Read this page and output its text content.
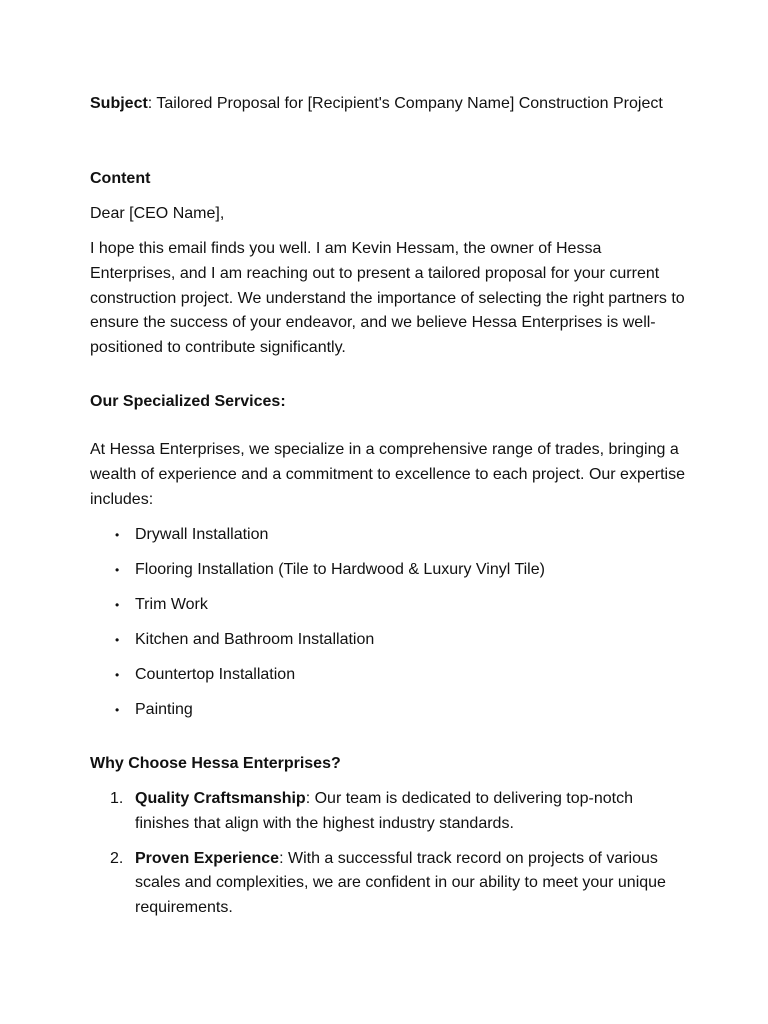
Subject: Tailored Proposal for [Recipient's Company Name] Construction Project

Content

Dear [CEO Name],

I hope this email finds you well. I am Kevin Hessam, the owner of Hessa Enterprises, and I am reaching out to present a tailored proposal for your current construction project. We understand the importance of selecting the right partners to ensure the success of your endeavor, and we believe Hessa Enterprises is well-positioned to contribute significantly.

Our Specialized Services:

At Hessa Enterprises, we specialize in a comprehensive range of trades, bringing a wealth of experience and a commitment to excellence to each project. Our expertise includes:

• Drywall Installation
• Flooring Installation (Tile to Hardwood & Luxury Vinyl Tile)
• Trim Work
• Kitchen and Bathroom Installation
• Countertop Installation
• Painting

Why Choose Hessa Enterprises?

1. Quality Craftsmanship: Our team is dedicated to delivering top-notch finishes that align with the highest industry standards.
2. Proven Experience: With a successful track record on projects of various scales and complexities, we are confident in our ability to meet your unique requirements.
